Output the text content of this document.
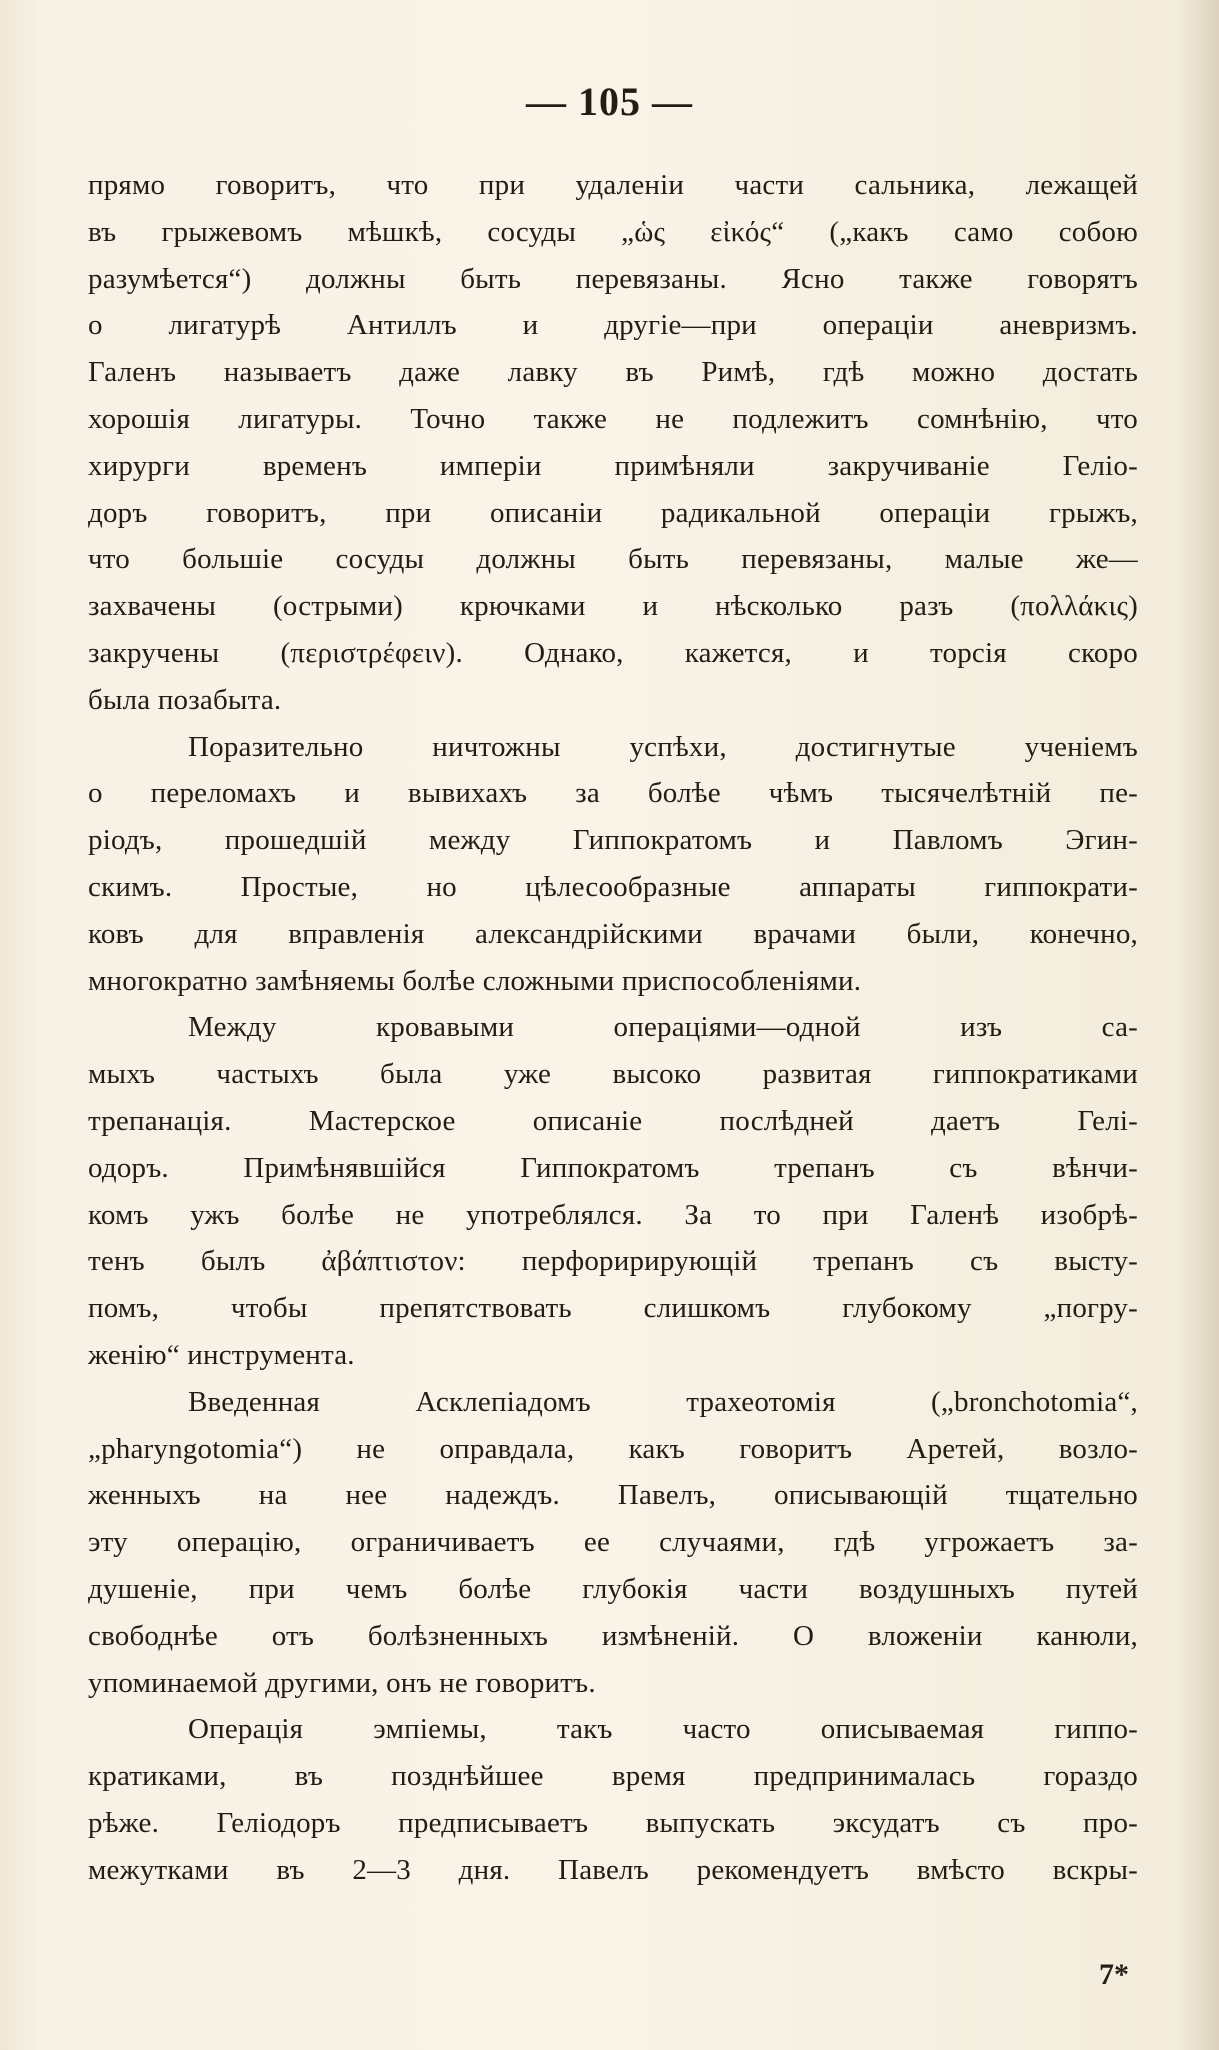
— 105 —
прямо говоритъ, что при удаленіи части сальника, лежащей
въ грыжевомъ мѣшкѣ, сосуды „ὡς εἰκός“ („какъ само собою
разумѣется“) должны быть перевязаны. Ясно также говорятъ
о лигатурѣ Антиллъ и другіе—при операціи аневризмъ.
Галенъ называетъ даже лавку въ Римѣ, гдѣ можно достать
хорошія лигатуры. Точно также не подлежитъ сомнѣнію, что
хирурги временъ имперіи примѣняли закручиваніе Геліо-
доръ говоритъ, при описаніи радикальной операціи грыжъ,
что большіе сосуды должны быть перевязаны, малые же—
захвачены (острыми) крючками и нѣсколько разъ (πολλάκις)
закручены (περιστρέφειν). Однако, кажется, и торсія скоро
была позабыта.
Поразительно ничтожны успѣхи, достигнутые ученіемъ
о переломахъ и вывихахъ за болѣе чѣмъ тысячелѣтній пе-
ріодъ, прошедшій между Гиппократомъ и Павломъ Эгин-
скимъ. Простые, но цѣлесообразные аппараты гиппократи-
ковъ для вправленія александрійскими врачами были, конечно,
многократно замѣняемы болѣе сложными приспособленіями.
Между кровавыми операціями—одной изъ са-
мыхъ частыхъ была уже высоко развитая гиппократиками
трепанація. Мастерское описаніе послѣдней даетъ Гелі-
одоръ. Примѣнявшійся Гиппократомъ трепанъ съ вѣнчи-
комъ ужъ болѣе не употреблялся. За то при Галенѣ изобрѣ-
тенъ былъ ἀβάπτιστον: перфоририрующій трепанъ съ высту-
помъ, чтобы препятствовать слишкомъ глубокому „погру-
женію“ инструмента.
Введенная Асклепіадомъ трахеотомія („bronchotomia“,
„pharyngotomia“) не оправдала, какъ говоритъ Аретей, возло-
женныхъ на нее надеждъ. Павелъ, описывающій тщательно
эту операцію, ограничиваетъ ее случаями, гдѣ угрожаетъ за-
душеніе, при чемъ болѣе глубокія части воздушныхъ путей
свободнѣе отъ болѣзненныхъ измѣненій. О вложеніи канюли,
упоминаемой другими, онъ не говоритъ.
Операція эмпіемы, такъ часто описываемая гиппо-
кратиками, въ позднѣйшее время предпринималась гораздо
рѣже. Геліодоръ предписываетъ выпускать эксудатъ съ про-
межутками въ 2—3 дня. Павелъ рекомендуетъ вмѣсто вскры-
7*
